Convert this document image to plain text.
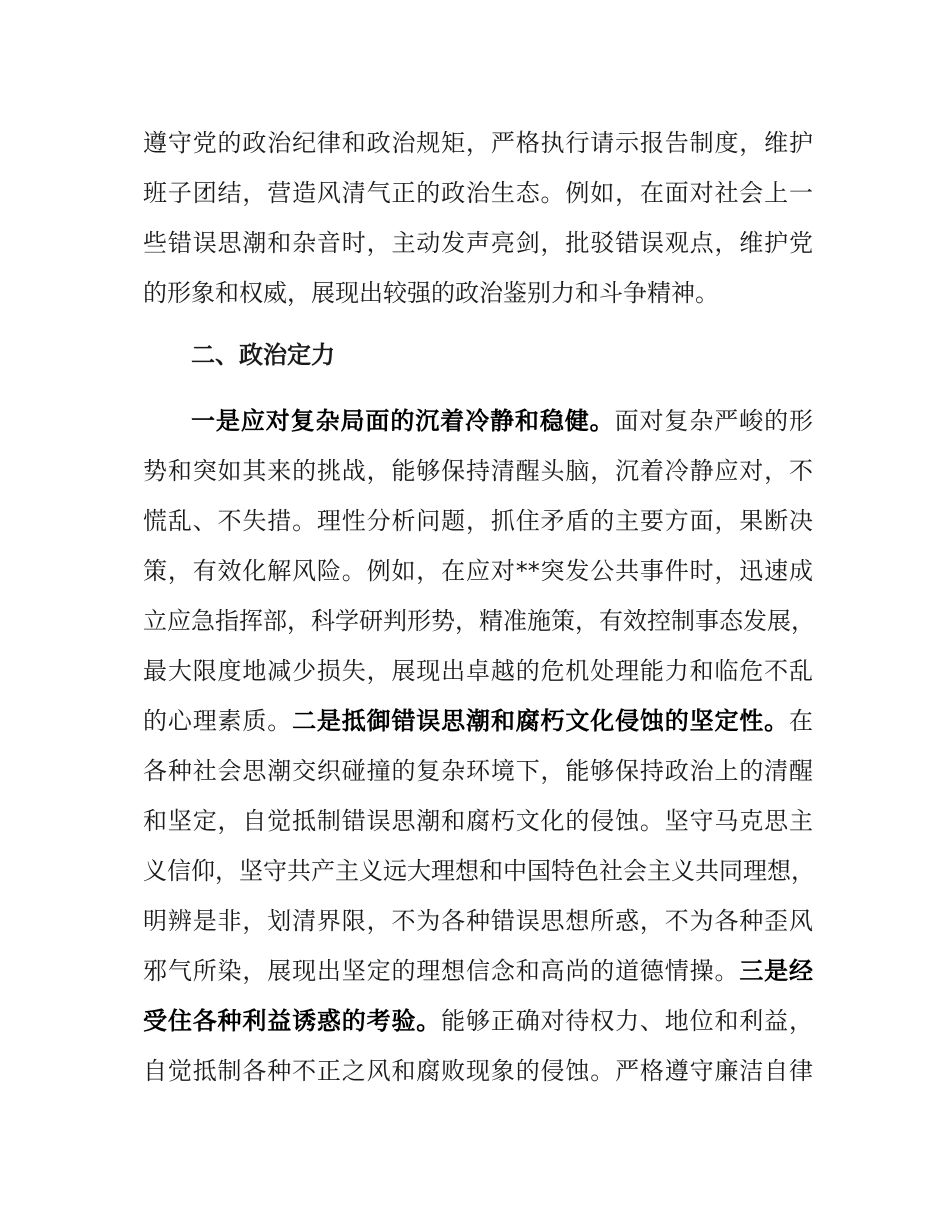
遵守党的政治纪律和政治规矩，严格执行请示报告制度，维护
班子团结，营造风清气正的政治生态。例如，在面对社会上一
些错误思潮和杂音时，主动发声亮剑，批驳错误观点，维护党
的形象和权威，展现出较强的政治鉴别力和斗争精神。
二、政治定力
一是应对复杂局面的沉着冷静和稳健。面对复杂严峻的形
势和突如其来的挑战，能够保持清醒头脑，沉着冷静应对，不
慌乱、不失措。理性分析问题，抓住矛盾的主要方面，果断决
策，有效化解风险。例如，在应对**突发公共事件时，迅速成
立应急指挥部，科学研判形势，精准施策，有效控制事态发展，
最大限度地减少损失，展现出卓越的危机处理能力和临危不乱
的心理素质。二是抵御错误思潮和腐朽文化侵蚀的坚定性。在
各种社会思潮交织碰撞的复杂环境下，能够保持政治上的清醒
和坚定，自觉抵制错误思潮和腐朽文化的侵蚀。坚守马克思主
义信仰，坚守共产主义远大理想和中国特色社会主义共同理想，
明辨是非，划清界限，不为各种错误思想所惑，不为各种歪风
邪气所染，展现出坚定的理想信念和高尚的道德情操。三是经
受住各种利益诱惑的考验。能够正确对待权力、地位和利益，
自觉抵制各种不正之风和腐败现象的侵蚀。严格遵守廉洁自律
